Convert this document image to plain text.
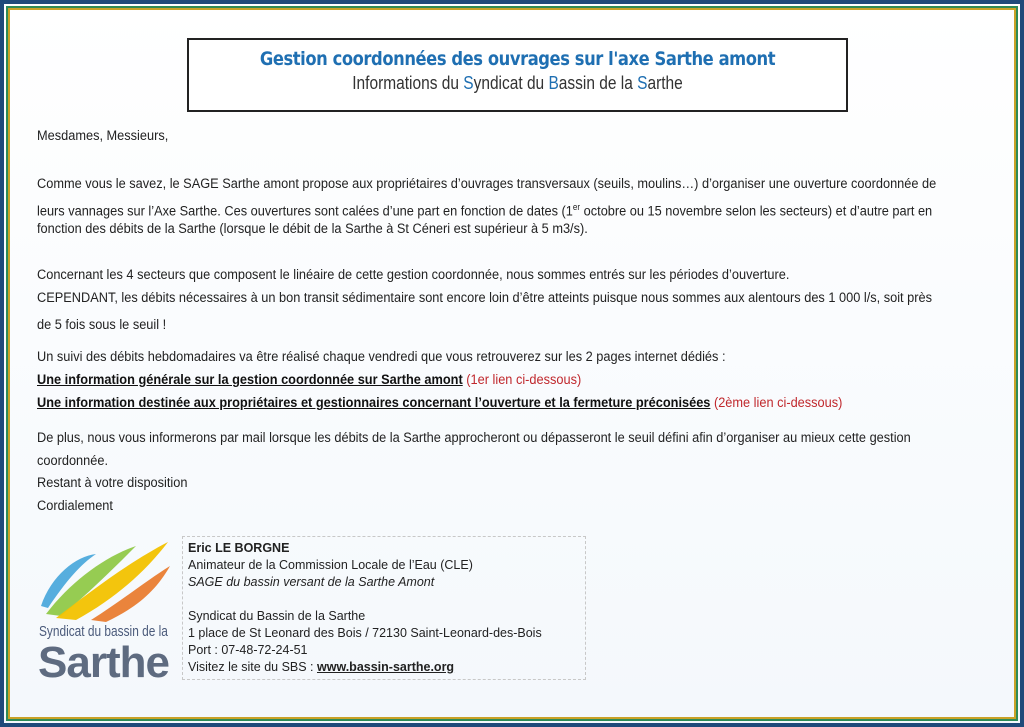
Gestion coordonnées des ouvrages sur l'axe Sarthe amont
Informations du Syndicat du Bassin de la Sarthe
Mesdames, Messieurs,
Comme vous le savez, le SAGE Sarthe amont propose aux propriétaires d’ouvrages transversaux (seuils, moulins…) d’organiser une ouverture coordonnée de
leurs vannages sur l’Axe Sarthe. Ces ouvertures sont calées d’une part en fonction de dates (1er octobre ou 15 novembre selon les secteurs) et d’autre part en
fonction des débits de la Sarthe (lorsque le débit de la Sarthe à St Céneri est supérieur à 5 m3/s).
Concernant les 4 secteurs que composent le linéaire de cette gestion coordonnée, nous sommes entrés sur les périodes d’ouverture.
CEPENDANT, les débits nécessaires à un bon transit sédimentaire sont encore loin d’être atteints puisque nous sommes aux alentours des 1 000 l/s, soit près
de 5 fois sous le seuil !
Un suivi des débits hebdomadaires va être réalisé chaque vendredi que vous retrouverez sur les 2 pages internet dédiés :
Une information générale sur la gestion coordonnée sur Sarthe amont (1er lien ci-dessous)
Une information destinée aux propriétaires et gestionnaires concernant l’ouverture et la fermeture préconisées (2ème lien ci-dessous)
De plus, nous vous informerons par mail lorsque les débits de la Sarthe approcheront ou dépasseront le seuil défini afin d’organiser au mieux cette gestion
coordonnée.
Restant à votre disposition
Cordialement
Syndicat du bassin de la
Sarthe
Eric LE BORGNE
Animateur de la Commission Locale de l’Eau (CLE)
SAGE du bassin versant de la Sarthe Amont
Syndicat du Bassin de la Sarthe
1 place de St Leonard des Bois / 72130 Saint-Leonard-des-Bois
Port : 07-48-72-24-51
Visitez le site du SBS : www.bassin-sarthe.org
